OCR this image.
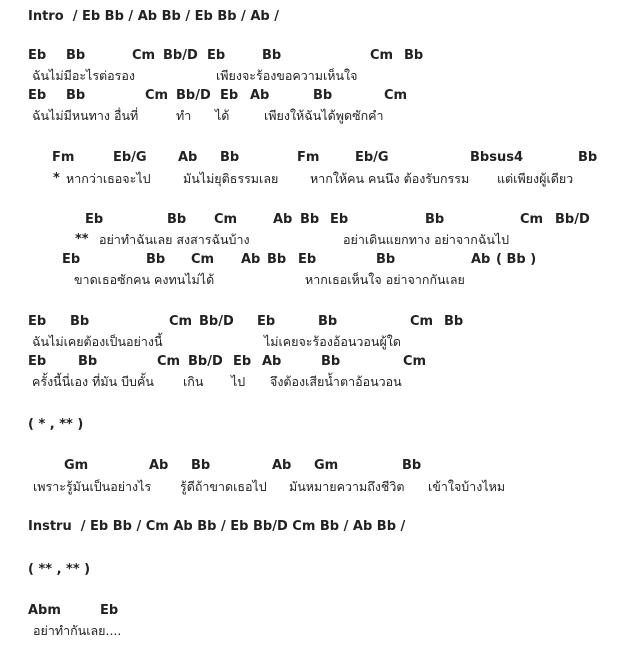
Intro  / Eb Bb / Ab Bb / Eb Bb / Ab /
Eb Bb	Cm Bb/D Eb	Bb	Cm Bb
ฉันไม่มีอะไรต่อรอง	เพียงจะร้องขอความเห็นใจ
Eb Bb	Cm Bb/D Eb Ab	Bb	Cm
ฉันไม่มีหนทาง อื่นที่	ทำ ได้	เพียงให้ฉันได้พูดซักคำ
Fm	Eb/G Ab Bb	Fm	Eb/G	Bbsus4	Bb
* หากว่าเธอจะไป	มันไม่ยุติธรรมเลย	หากให้คน คนนึง ต้องรับกรรม แต่เพียงผู้เดียว
Eb	Bb Cm	Ab Bb Eb	Bb	Cm Bb/D
** อย่าทำฉันเลย สงสารฉันบ้าง	อย่าเดินแยกทาง อย่าจากฉันไป
Eb	Bb Cm Ab Bb Eb	Bb	Ab ( Bb )
ขาดเธอซักคน คงทนไม่ได้	หากเธอเห็นใจ อย่าจากกันเลย
Eb Bb	Cm Bb/D Eb	Bb	Cm Bb
ฉันไม่เคยต้องเป็นอย่างนี้	ไม่เคยจะร้องอ้อนวอนผู้ใด
Eb Bb	Cm Bb/D Eb Ab	Bb	Cm
ครั้งนี้นี่เอง ที่มัน บีบคั้น เกิน ไป จึงต้องเสียน้ำตาอ้อนวอน
( * , ** )
Gm	Ab Bb	Ab Gm	Bb
เพราะรู้มันเป็นอย่างไร รู้ดีถ้าขาดเธอไป มันหมายความถึงชีวิต เข้าใจบ้างไหม
Instru  / Eb Bb / Cm Ab Bb / Eb Bb/D Cm Bb / Ab Bb /
( ** , ** )
Abm	Eb
อย่าทำกันเลย....
